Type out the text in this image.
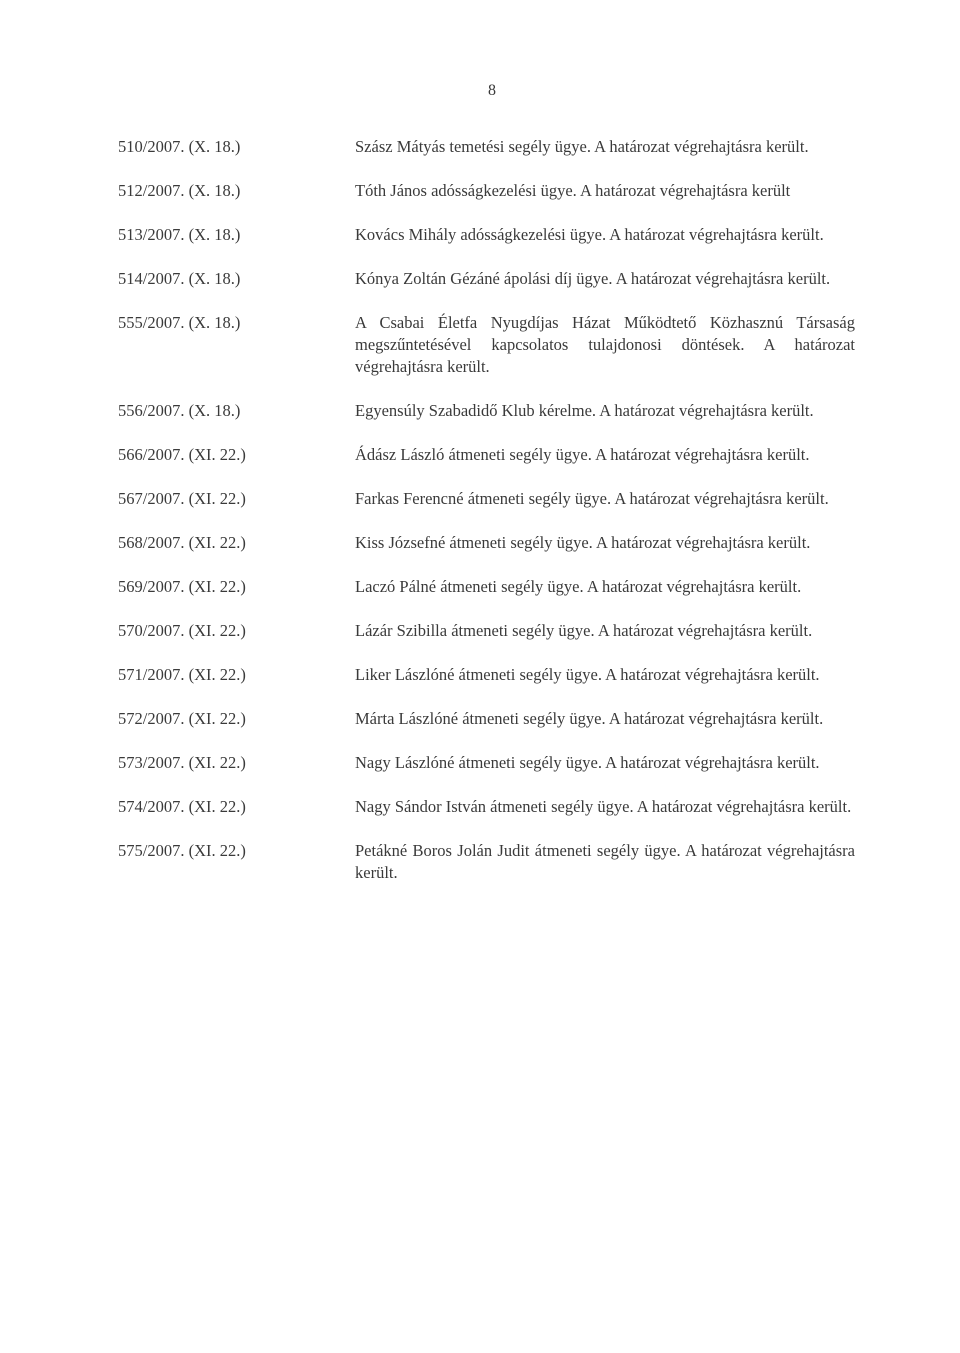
8
510/2007. (X. 18.)	Szász Mátyás temetési segély ügye. A határozat végrehajtásra került.
512/2007. (X. 18.)	Tóth János adósságkezelési ügye. A határozat végrehajtásra került
513/2007. (X. 18.)	Kovács Mihály adósságkezelési ügye. A határozat végrehajtásra került.
514/2007. (X. 18.)	Kónya Zoltán Gézáné ápolási díj ügye. A határozat végrehajtásra került.
555/2007. (X. 18.)	A Csabai Életfa Nyugdíjas Házat Működtető Közhasznú Társaság megszűntetésével kapcsolatos tulajdonosi döntések. A határozat végrehajtásra került.
556/2007. (X. 18.)	Egyensúly Szabadidő Klub kérelme. A határozat végrehajtásra került.
566/2007. (XI. 22.)	Ádász László átmeneti segély ügye. A határozat végrehajtásra került.
567/2007. (XI. 22.)	Farkas Ferencné átmeneti segély ügye. A határozat végrehajtásra került.
568/2007. (XI. 22.)	Kiss Józsefné átmeneti segély ügye. A határozat végrehajtásra került.
569/2007. (XI. 22.)	Laczó Pálné átmeneti segély ügye. A határozat végrehajtásra került.
570/2007. (XI. 22.)	Lázár Szibilla átmeneti segély ügye. A határozat végrehajtásra került.
571/2007. (XI. 22.)	Liker Lászlóné átmeneti segély ügye. A határozat végrehajtásra került.
572/2007. (XI. 22.)	Márta Lászlóné átmeneti segély ügye. A határozat végrehajtásra került.
573/2007. (XI. 22.)	Nagy Lászlóné átmeneti segély ügye. A határozat végrehajtásra került.
574/2007. (XI. 22.)	Nagy Sándor István átmeneti segély ügye. A határozat végrehajtásra került.
575/2007. (XI. 22.)	Petákné Boros Jolán Judit átmeneti segély ügye. A határozat végrehajtásra került.
